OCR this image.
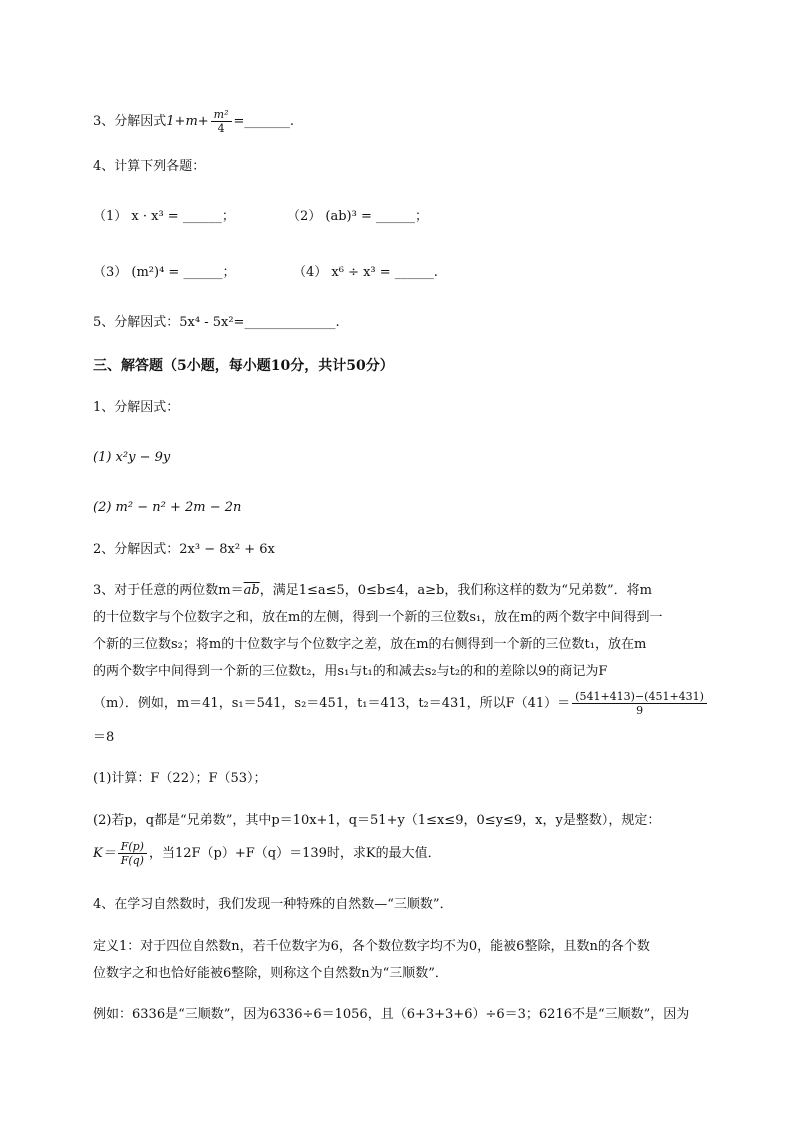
3、分解因式$1+m+ \frac{\text{m²}}{4}$ =_______.
4、计算下列各题：
（1） x · x³ = ______；	（2） (ab)³ = ______；
（3） (m²)⁴ = ______；	（4） x⁶ ÷ x³ = ______.
5、分解因式：5x⁴ - 5x²=______________.
三、解答题（5小题，每小题10分，共计50分）
1、分解因式：
(1) x²y − 9y
(2) m² − n² + 2m − 2n
2、分解因式：2x³ − 8x² + 6x
3、对于任意的两位数$m=\overline{ab}$，满足1≤a≤5，0≤b≤4，a≥b，我们称这样的数为“兄弟数”．将m
的十位数字与个位数字之和，放在m的左侧，得到一个新的三位数s₁，放在m的两个数字中间得到一
个新的三位数s₂；将m的十位数字与个位数字之差，放在m的右侧得到一个新的三位数t₁，放在m
的两个数字中间得到一个新的三位数t₂，用s₁与t₁的和减去s₂与t₂的和的差除以9的商记为F
（m）．例如，m＝41，s₁＝541，s₂＝451，t₁＝413，t₂＝431，所以$F(41)= \frac{(541+413)-(451+431)}{9}$
＝8
(1)计算：F（22）；F（53）；
(2)若p，q都是“兄弟数”，其中p＝10x+1，q＝51+y（1≤x≤9，0≤y≤9，x，y是整数），规定：
$K= \frac{F(p)}{F(q)}$ ，当12F（p）+F（q）＝139时，求K的最大值．
4、在学习自然数时，我们发现一种特殊的自然数—“三顺数”．
定义1：对于四位自然数n，若千位数字为6，各个数位数字均不为0，能被6整除，且数n的各个数
位数字之和也恰好能被6整除，则称这个自然数n为“三顺数”．
例如：6336是“三顺数”，因为6336÷6＝1056，且（6+3+3+6）÷6＝3；6216不是“三顺数”，因为
